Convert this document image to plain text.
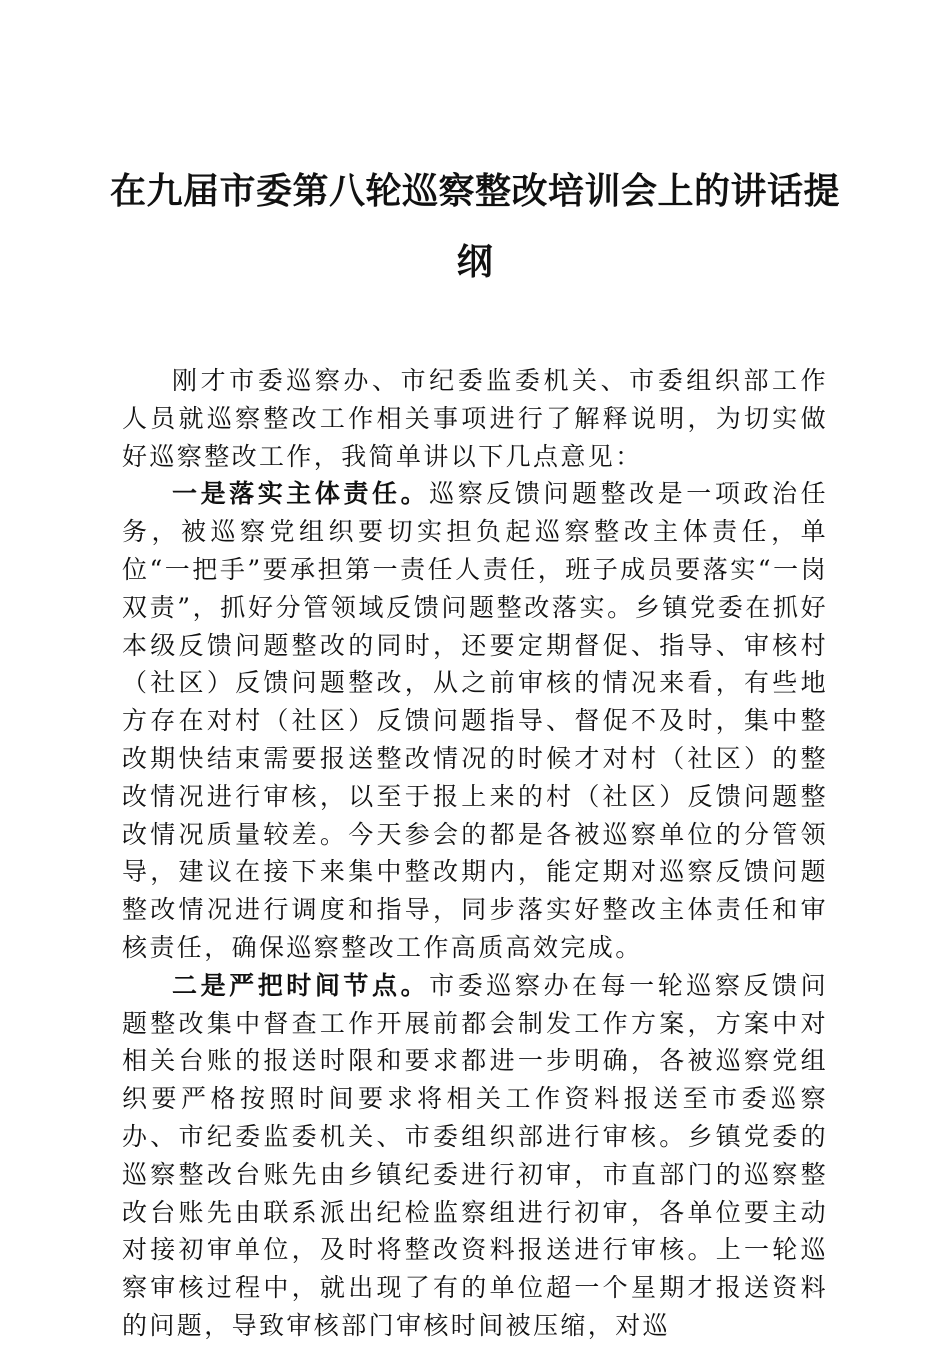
在九届市委第八轮巡察整改培训会上的讲话提
纲

刚才市委巡察办、市纪委监委机关、市委组织部工作人员就巡察整改工作相关事项进行了解释说明，为切实做好巡察整改工作，我简单讲以下几点意见：

一是落实主体责任。巡察反馈问题整改是一项政治任务，被巡察党组织要切实担负起巡察整改主体责任，单位“一把手”要承担第一责任人责任，班子成员要落实“一岗双责”，抓好分管领域反馈问题整改落实。乡镇党委在抓好本级反馈问题整改的同时，还要定期督促、指导、审核村（社区）反馈问题整改，从之前审核的情况来看，有些地方存在对村（社区）反馈问题指导、督促不及时，集中整改期快结束需要报送整改情况的时候才对村（社区）的整改情况进行审核，以至于报上来的村（社区）反馈问题整改情况质量较差。今天参会的都是各被巡察单位的分管领导，建议在接下来集中整改期内，能定期对巡察反馈问题整改情况进行调度和指导，同步落实好整改主体责任和审核责任，确保巡察整改工作高质高效完成。

二是严把时间节点。市委巡察办在每一轮巡察反馈问题整改集中督查工作开展前都会制发工作方案，方案中对相关台账的报送时限和要求都进一步明确，各被巡察党组织要严格按照时间要求将相关工作资料报送至市委巡察办、市纪委监委机关、市委组织部进行审核。乡镇党委的巡察整改台账先由乡镇纪委进行初审，市直部门的巡察整改台账先由联系派出纪检监察组进行初审，各单位要主动对接初审单位，及时将整改资料报送进行审核。上一轮巡察审核过程中，就出现了有的单位超一个星期才报送资料的问题，导致审核部门审核时间被压缩，对巡
